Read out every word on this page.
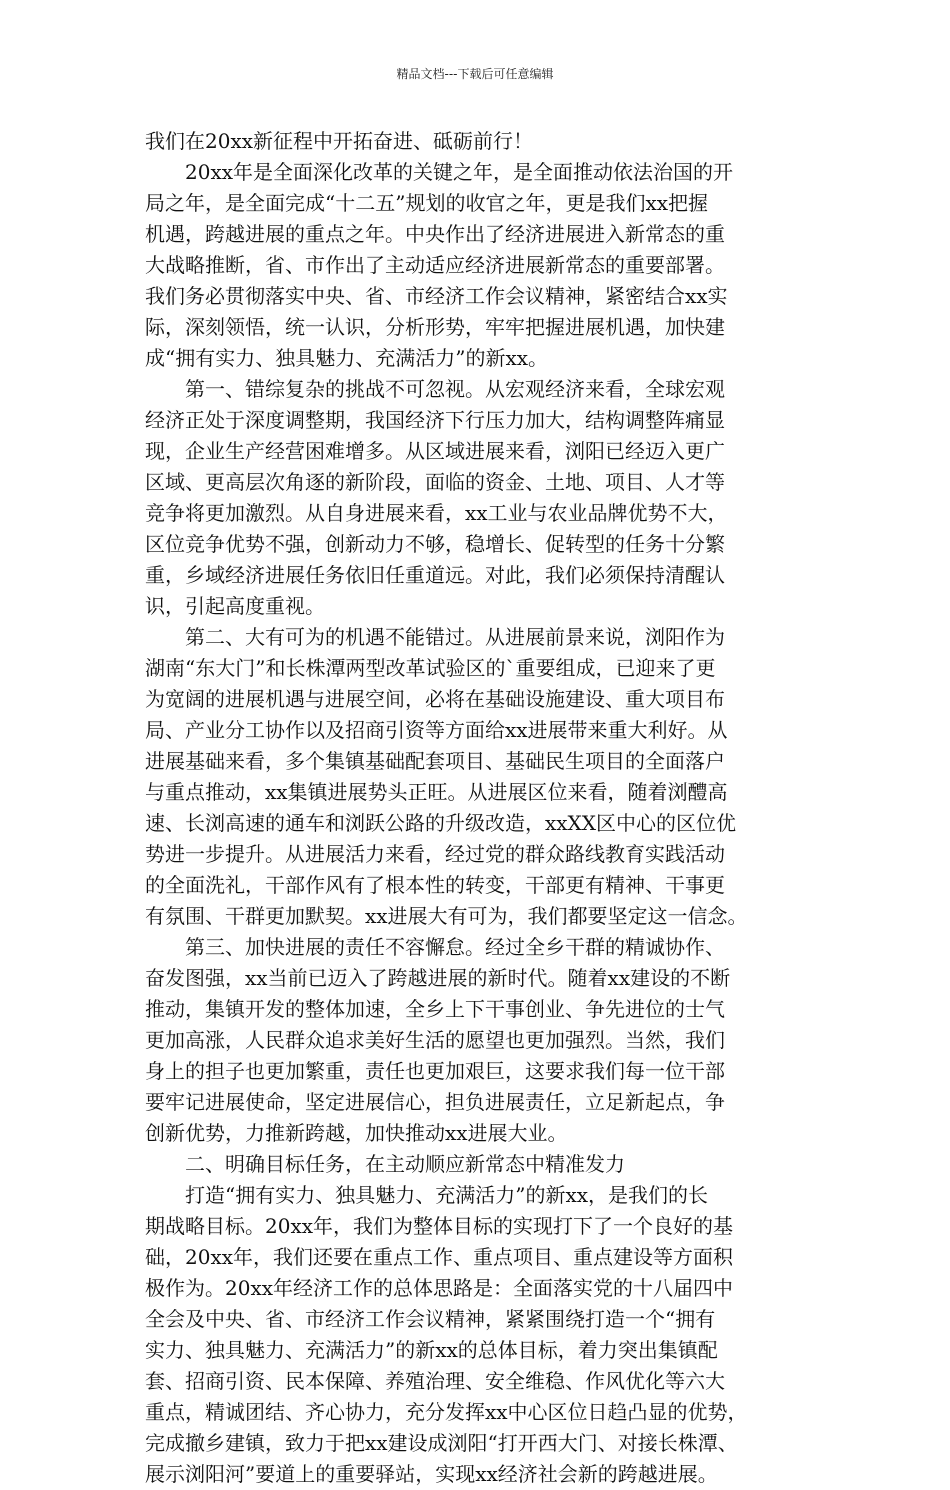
精品文档---下载后可任意编辑
我们在20xx新征程中开拓奋进、砥砺前行！
20xx年是全面深化改革的关键之年，是全面推动依法治国的开
局之年，是全面完成“十二五”规划的收官之年，更是我们xx把握
机遇，跨越进展的重点之年。中央作出了经济进展进入新常态的重
大战略推断，省、市作出了主动适应经济进展新常态的重要部署。
我们务必贯彻落实中央、省、市经济工作会议精神，紧密结合xx实
际，深刻领悟，统一认识，分析形势，牢牢把握进展机遇，加快建
成“拥有实力、独具魅力、充满活力”的新xx。
第一、错综复杂的挑战不可忽视。从宏观经济来看，全球宏观
经济正处于深度调整期，我国经济下行压力加大，结构调整阵痛显
现，企业生产经营困难增多。从区域进展来看，浏阳已经迈入更广
区域、更高层次角逐的新阶段，面临的资金、土地、项目、人才等
竞争将更加激烈。从自身进展来看，xx工业与农业品牌优势不大，
区位竞争优势不强，创新动力不够，稳增长、促转型的任务十分繁
重，乡域经济进展任务依旧任重道远。对此，我们必须保持清醒认
识，引起高度重视。
第二、大有可为的机遇不能错过。从进展前景来说，浏阳作为
湖南“东大门”和长株潭两型改革试验区的`重要组成，已迎来了更
为宽阔的进展机遇与进展空间，必将在基础设施建设、重大项目布
局、产业分工协作以及招商引资等方面给xx进展带来重大利好。从
进展基础来看，多个集镇基础配套项目、基础民生项目的全面落户
与重点推动，xx集镇进展势头正旺。从进展区位来看，随着浏醴高
速、长浏高速的通车和浏跃公路的升级改造，xxXX区中心的区位优
势进一步提升。从进展活力来看，经过党的群众路线教育实践活动
的全面洗礼，干部作风有了根本性的转变，干部更有精神、干事更
有氛围、干群更加默契。xx进展大有可为，我们都要坚定这一信念。
第三、加快进展的责任不容懈怠。经过全乡干群的精诚协作、
奋发图强，xx当前已迈入了跨越进展的新时代。随着xx建设的不断
推动，集镇开发的整体加速，全乡上下干事创业、争先进位的士气
更加高涨，人民群众追求美好生活的愿望也更加强烈。当然，我们
身上的担子也更加繁重，责任也更加艰巨，这要求我们每一位干部
要牢记进展使命，坚定进展信心，担负进展责任，立足新起点，争
创新优势，力推新跨越，加快推动xx进展大业。
二、明确目标任务，在主动顺应新常态中精准发力
打造“拥有实力、独具魅力、充满活力”的新xx，是我们的长
期战略目标。20xx年，我们为整体目标的实现打下了一个良好的基
础，20xx年，我们还要在重点工作、重点项目、重点建设等方面积
极作为。20xx年经济工作的总体思路是：全面落实党的十八届四中
全会及中央、省、市经济工作会议精神，紧紧围绕打造一个“拥有
实力、独具魅力、充满活力”的新xx的总体目标，着力突出集镇配
套、招商引资、民本保障、养殖治理、安全维稳、作风优化等六大
重点，精诚团结、齐心协力，充分发挥xx中心区位日趋凸显的优势，
完成撤乡建镇，致力于把xx建设成浏阳“打开西大门、对接长株潭、
展示浏阳河”要道上的重要驿站，实现xx经济社会新的跨越进展。
